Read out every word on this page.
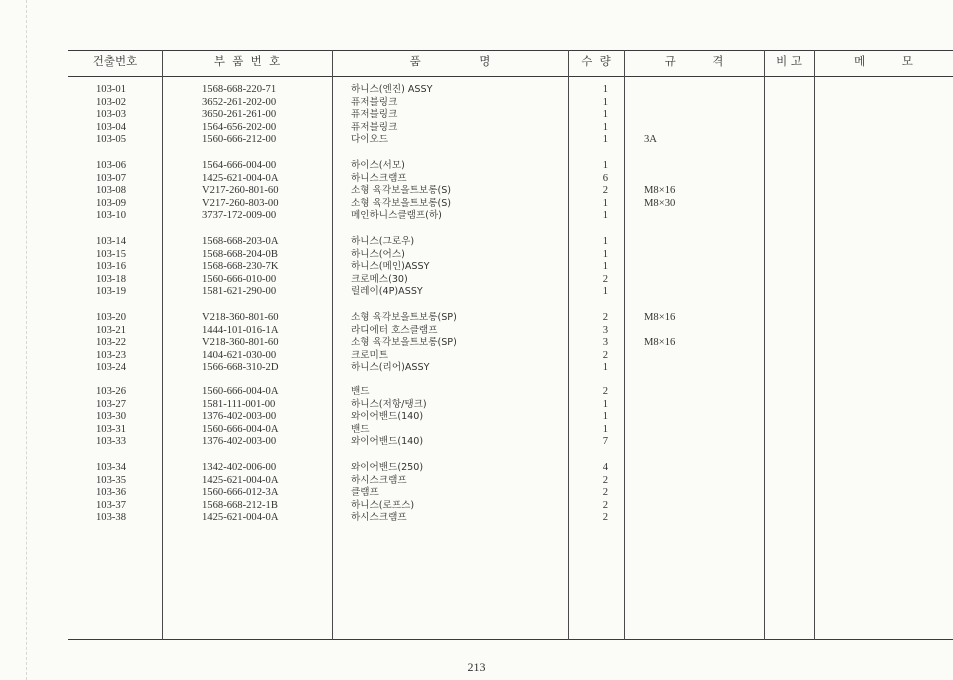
건출번호	부  품  번  호	품                명	수  량	규          격	비 고	메          모
103-01	1568-668-220-71	하니스(엔진) ASSY	1
103-02	3652-261-202-00	퓨저블링크	1
103-03	3650-261-261-00	퓨저블링크	1
103-04	1564-656-202-00	퓨저블링크	1
103-05	1560-666-212-00	다이오드	1	3A
103-06	1564-666-004-00	하이스(서모)	1
103-07	1425-621-004-0A	하니스크램프	6
103-08	V217-260-801-60	소형 육각보올트보롱(S)	2	M8×16
103-09	V217-260-803-00	소형 육각보올트보롱(S)	1	M8×30
103-10	3737-172-009-00	메인하니스클램프(하)	1
103-14	1568-668-203-0A	하니스(그로우)	1
103-15	1568-668-204-0B	하니스(어스)	1
103-16	1568-668-230-7K	하니스(메인)ASSY	1
103-18	1560-666-010-00	크로메스(30)	2
103-19	1581-621-290-00	릴레이(4P)ASSY	1
103-20	V218-360-801-60	소형 육각보올트보롱(SP)	2	M8×16
103-21	1444-101-016-1A	라디에터 호스클램프	3
103-22	V218-360-801-60	소형 육각보올트보롱(SP)	3	M8×16
103-23	1404-621-030-00	크로미트	2
103-24	1566-668-310-2D	하니스(리어)ASSY	1
103-26	1560-666-004-0A	밴드	2
103-27	1581-111-001-00	하니스(저항/탱크)	1
103-30	1376-402-003-00	와이어밴드(140)	1
103-31	1560-666-004-0A	밴드	1
103-33	1376-402-003-00	와이어밴드(140)	7
103-34	1342-402-006-00	와이어밴드(250)	4
103-35	1425-621-004-0A	하시스크램프	2
103-36	1560-666-012-3A	클램프	2
103-37	1568-668-212-1B	하니스(로프스)	2
103-38	1425-621-004-0A	하시스크램프	2
213
